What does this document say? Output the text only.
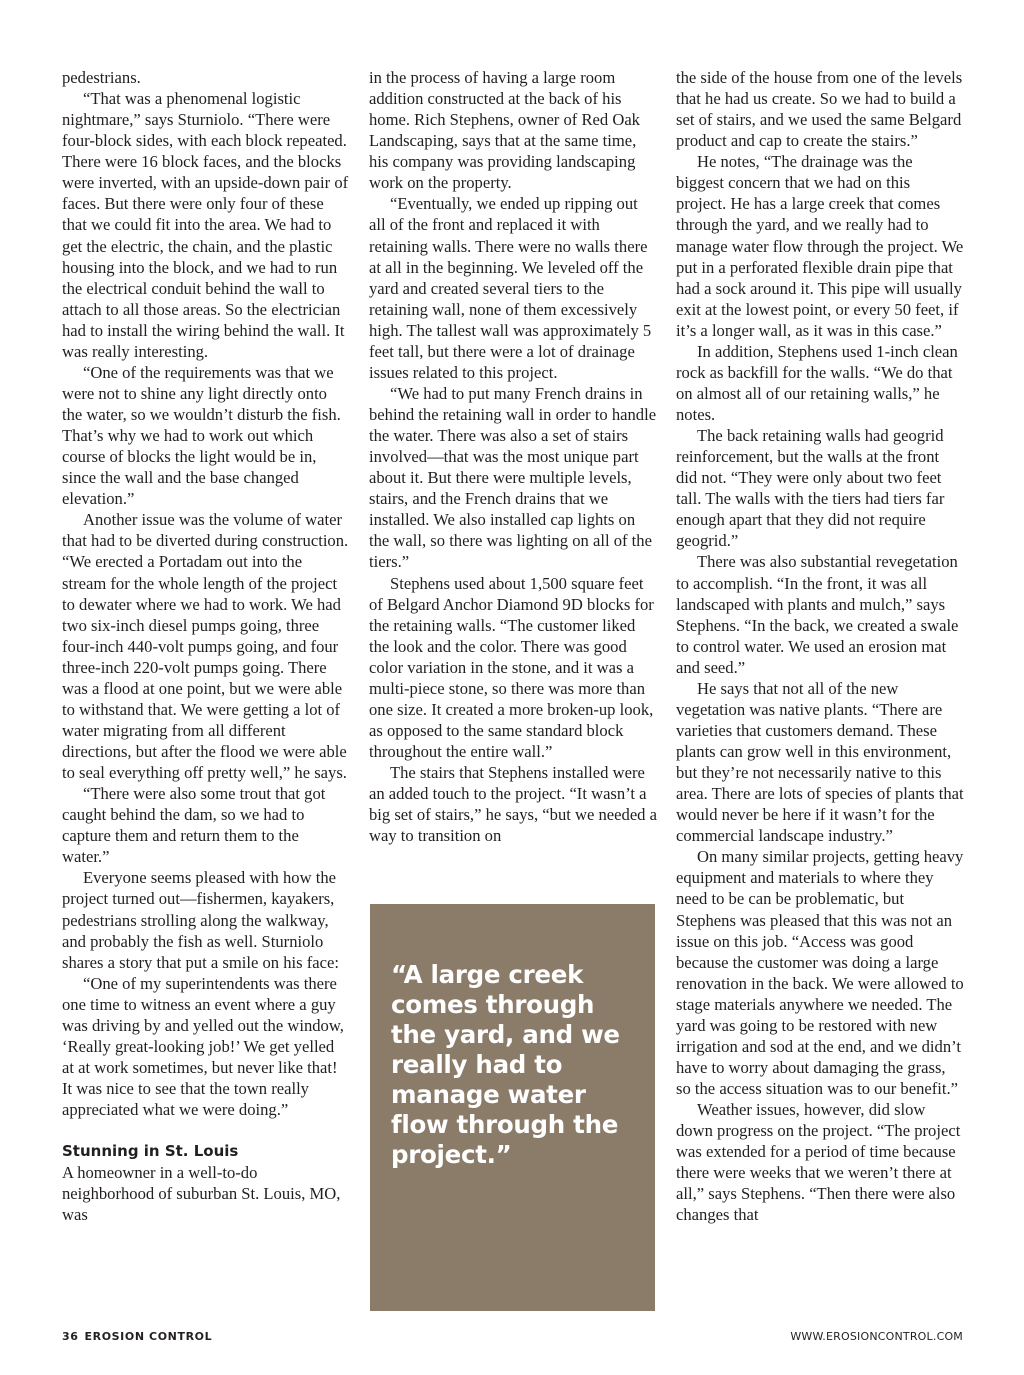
pedestrians.

“That was a phenomenal logistic nightmare,” says Sturniolo. “There were four-block sides, with each block repeated. There were 16 block faces, and the blocks were inverted, with an upside-down pair of faces. But there were only four of these that we could fit into the area. We had to get the electric, the chain, and the plastic housing into the block, and we had to run the electrical conduit behind the wall to attach to all those areas. So the electrician had to install the wiring behind the wall. It was really interesting.

“One of the requirements was that we were not to shine any light directly onto the water, so we wouldn’t disturb the fish. That’s why we had to work out which course of blocks the light would be in, since the wall and the base changed elevation.”

Another issue was the volume of water that had to be diverted during construction. “We erected a Portadam out into the stream for the whole length of the project to dewater where we had to work. We had two six-inch diesel pumps going, three four-inch 440-volt pumps going, and four three-inch 220-volt pumps going. There was a flood at one point, but we were able to withstand that. We were getting a lot of water migrating from all different directions, but after the flood we were able to seal everything off pretty well,” he says.

“There were also some trout that got caught behind the dam, so we had to capture them and return them to the water.”

Everyone seems pleased with how the project turned out—fishermen, kayakers, pedestrians strolling along the walkway, and probably the fish as well. Sturniolo shares a story that put a smile on his face:

“One of my superintendents was there one time to witness an event where a guy was driving by and yelled out the window, ‘Really great-looking job!’ We get yelled at at work sometimes, but never like that! It was nice to see that the town really appreciated what we were doing.”

Stunning in St. Louis

A homeowner in a well-to-do neighborhood of suburban St. Louis, MO, was

in the process of having a large room addition constructed at the back of his home. Rich Stephens, owner of Red Oak Landscaping, says that at the same time, his company was providing landscaping work on the property.

“Eventually, we ended up ripping out all of the front and replaced it with retaining walls. There were no walls there at all in the beginning. We leveled off the yard and created several tiers to the retaining wall, none of them excessively high. The tallest wall was approximately 5 feet tall, but there were a lot of drainage issues related to this project.

“We had to put many French drains in behind the retaining wall in order to handle the water. There was also a set of stairs involved—that was the most unique part about it. But there were multiple levels, stairs, and the French drains that we installed. We also installed cap lights on the wall, so there was lighting on all of the tiers.”

Stephens used about 1,500 square feet of Belgard Anchor Diamond 9D blocks for the retaining walls. “The customer liked the look and the color. There was good color variation in the stone, and it was a multi-piece stone, so there was more than one size. It created a more broken-up look, as opposed to the same standard block throughout the entire wall.”

The stairs that Stephens installed were an added touch to the project. “It wasn’t a big set of stairs,” he says, “but we needed a way to transition on

“A large creek comes through the yard, and we really had to manage water flow through the project.”

the side of the house from one of the levels that he had us create. So we had to build a set of stairs, and we used the same Belgard product and cap to create the stairs.”

He notes, “The drainage was the biggest concern that we had on this project. He has a large creek that comes through the yard, and we really had to manage water flow through the project. We put in a perforated flexible drain pipe that had a sock around it. This pipe will usually exit at the lowest point, or every 50 feet, if it’s a longer wall, as it was in this case.”

In addition, Stephens used 1-inch clean rock as backfill for the walls. “We do that on almost all of our retaining walls,” he notes.

The back retaining walls had geogrid reinforcement, but the walls at the front did not. “They were only about two feet tall. The walls with the tiers had tiers far enough apart that they did not require geogrid.”

There was also substantial revegetation to accomplish. “In the front, it was all landscaped with plants and mulch,” says Stephens. “In the back, we created a swale to control water. We used an erosion mat and seed.”

He says that not all of the new vegetation was native plants. “There are varieties that customers demand. These plants can grow well in this environment, but they’re not necessarily native to this area. There are lots of species of plants that would never be here if it wasn’t for the commercial landscape industry.”

On many similar projects, getting heavy equipment and materials to where they need to be can be problematic, but Stephens was pleased that this was not an issue on this job. “Access was good because the customer was doing a large renovation in the back. We were allowed to stage materials anywhere we needed. The yard was going to be restored with new irrigation and sod at the end, and we didn’t have to worry about damaging the grass, so the access situation was to our benefit.”

Weather issues, however, did slow down progress on the project. “The project was extended for a period of time because there were weeks that we weren’t there at all,” says Stephens. “Then there were also changes that

36 EROSION CONTROL	WWW.EROSIONCONTROL.COM
